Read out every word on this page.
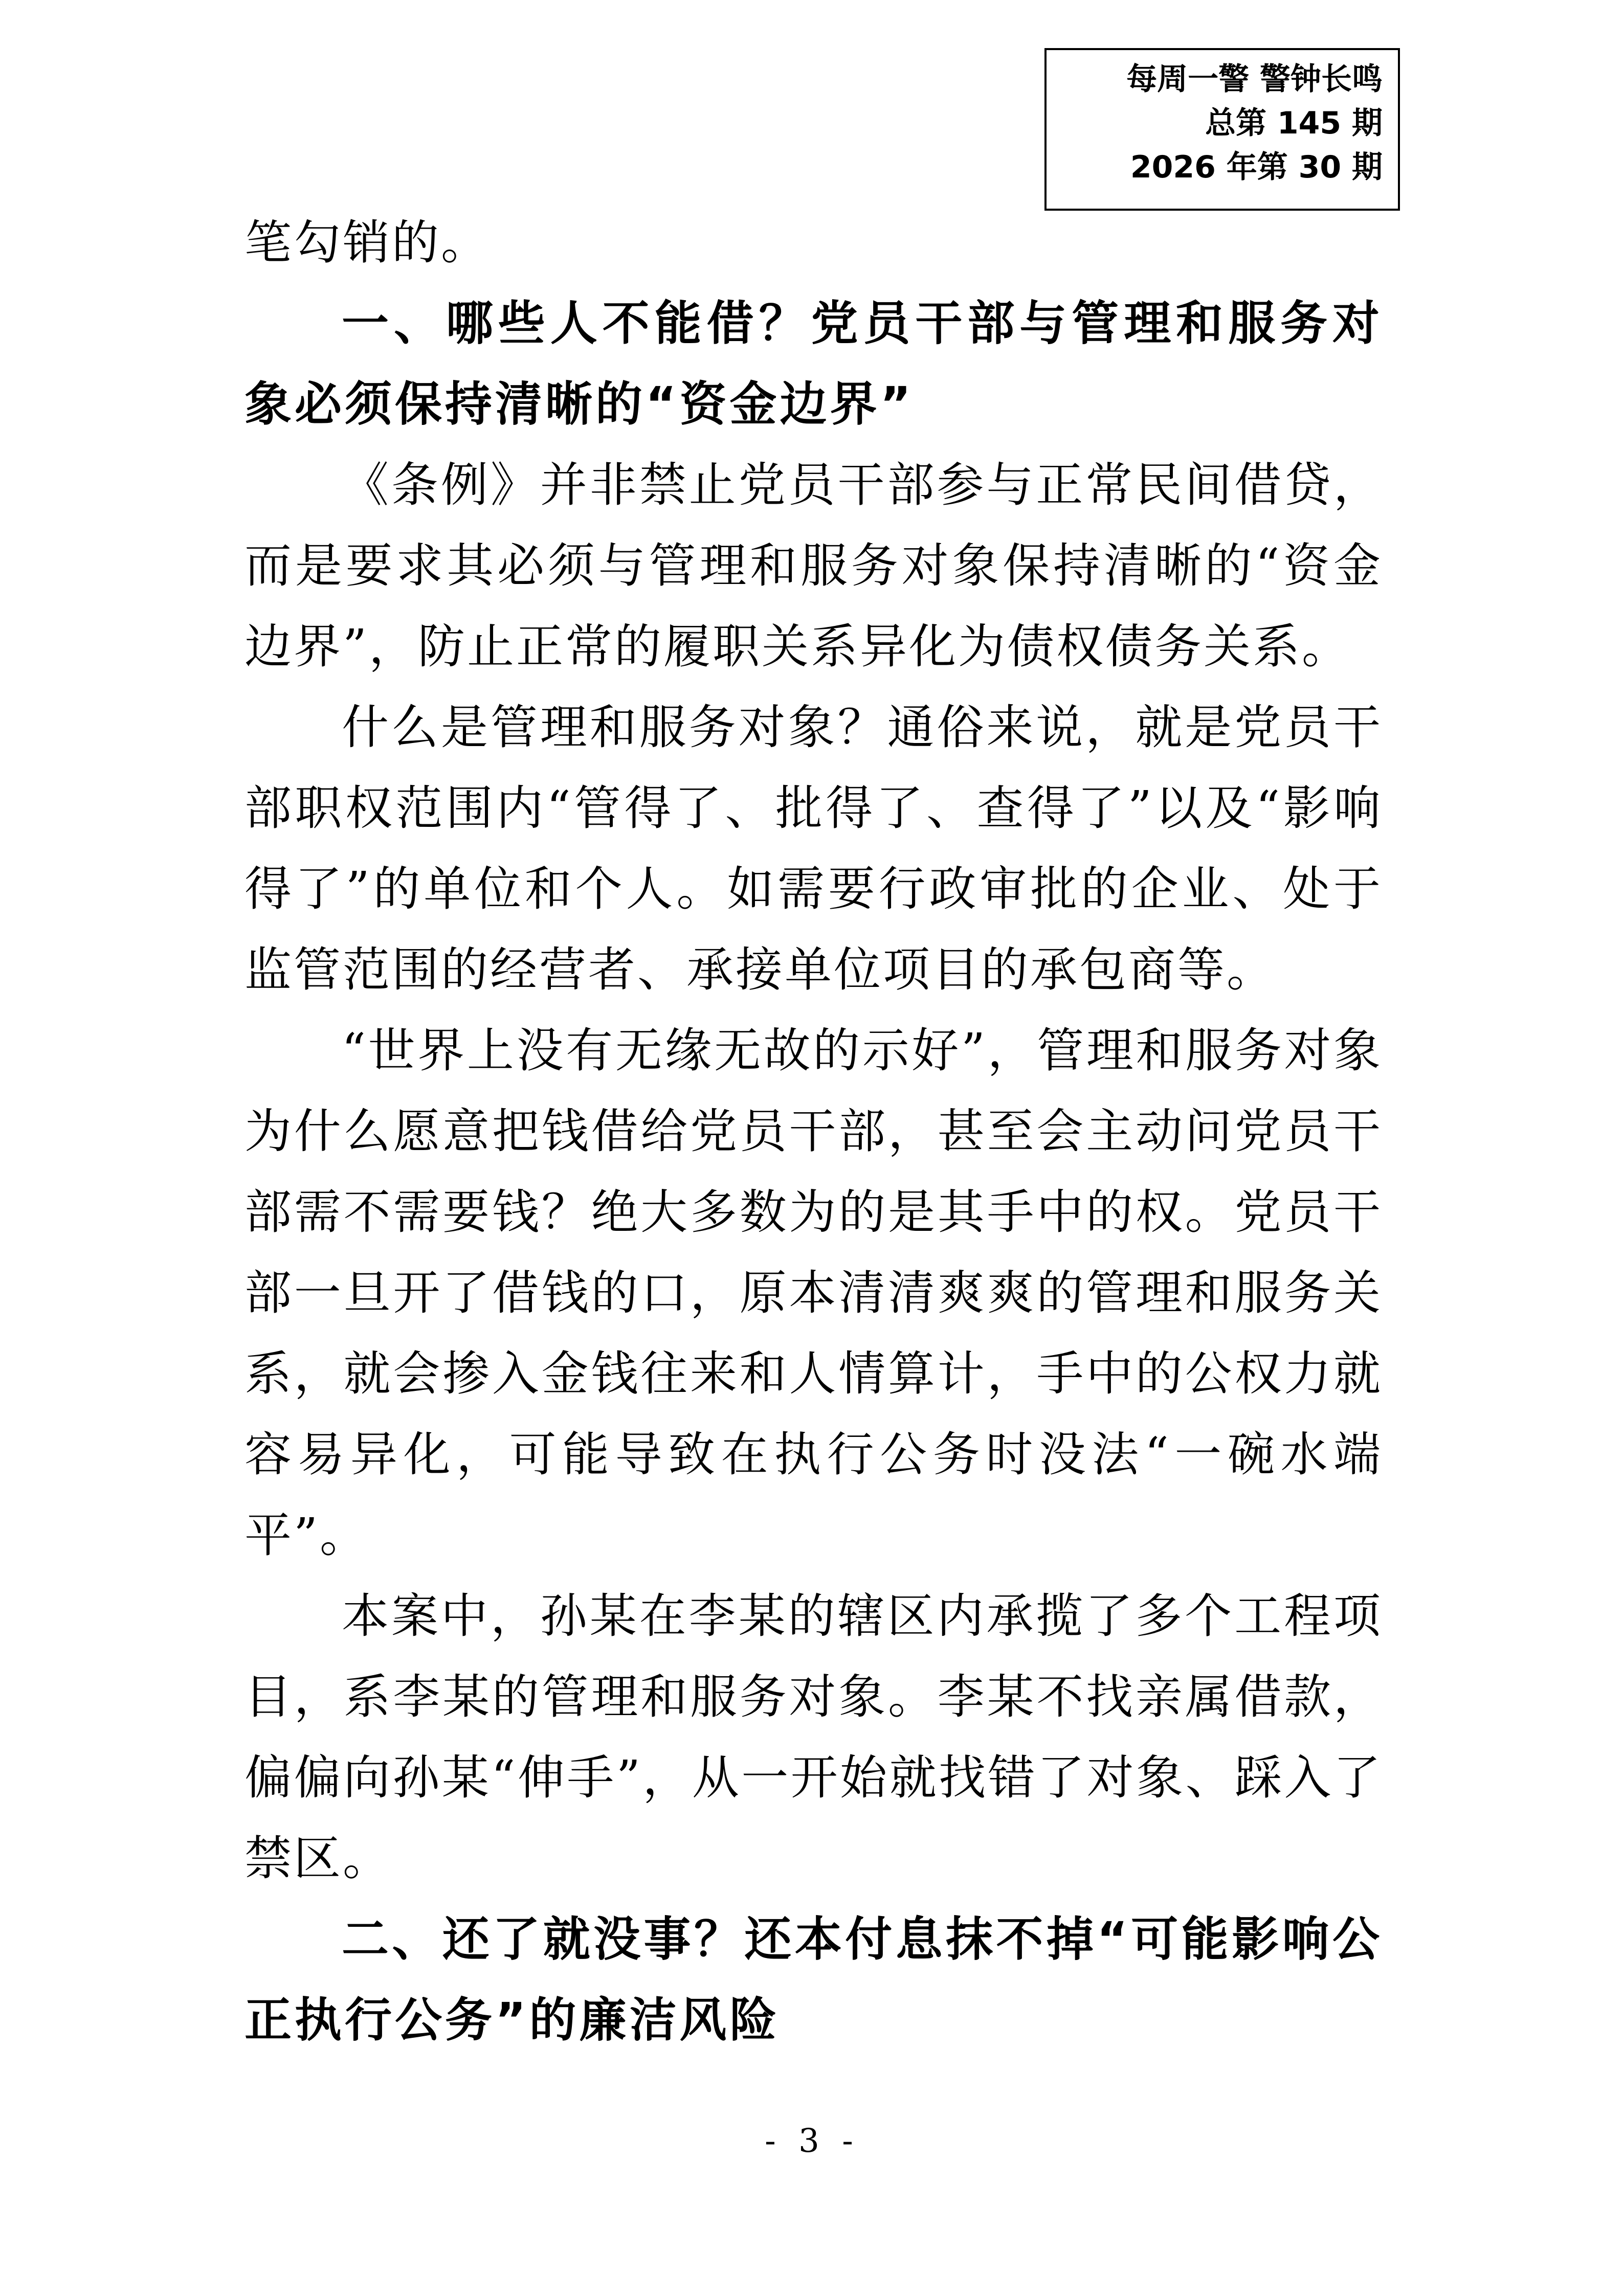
每周一警 警钟长鸣
总第 145 期
2026 年第 30 期

笔勾销的。

一、哪些人不能借？党员干部与管理和服务对象必须保持清晰的“资金边界”

《条例》并非禁止党员干部参与正常民间借贷，而是要求其必须与管理和服务对象保持清晰的“资金边界”，防止正常的履职关系异化为债权债务关系。

什么是管理和服务对象？通俗来说，就是党员干部职权范围内“管得了、批得了、查得了”以及“影响得了”的单位和个人。如需要行政审批的企业、处于监管范围的经营者、承接单位项目的承包商等。

“世界上没有无缘无故的示好”，管理和服务对象为什么愿意把钱借给党员干部，甚至会主动问党员干部需不需要钱？绝大多数为的是其手中的权。党员干部一旦开了借钱的口，原本清清爽爽的管理和服务关系，就会掺入金钱往来和人情算计，手中的公权力就容易异化，可能导致在执行公务时没法“一碗水端平”。

本案中，孙某在李某的辖区内承揽了多个工程项目，系李某的管理和服务对象。李某不找亲属借款，偏偏向孙某“伸手”，从一开始就找错了对象、踩入了禁区。

二、还了就没事？还本付息抹不掉“可能影响公正执行公务”的廉洁风险

- 3 -
